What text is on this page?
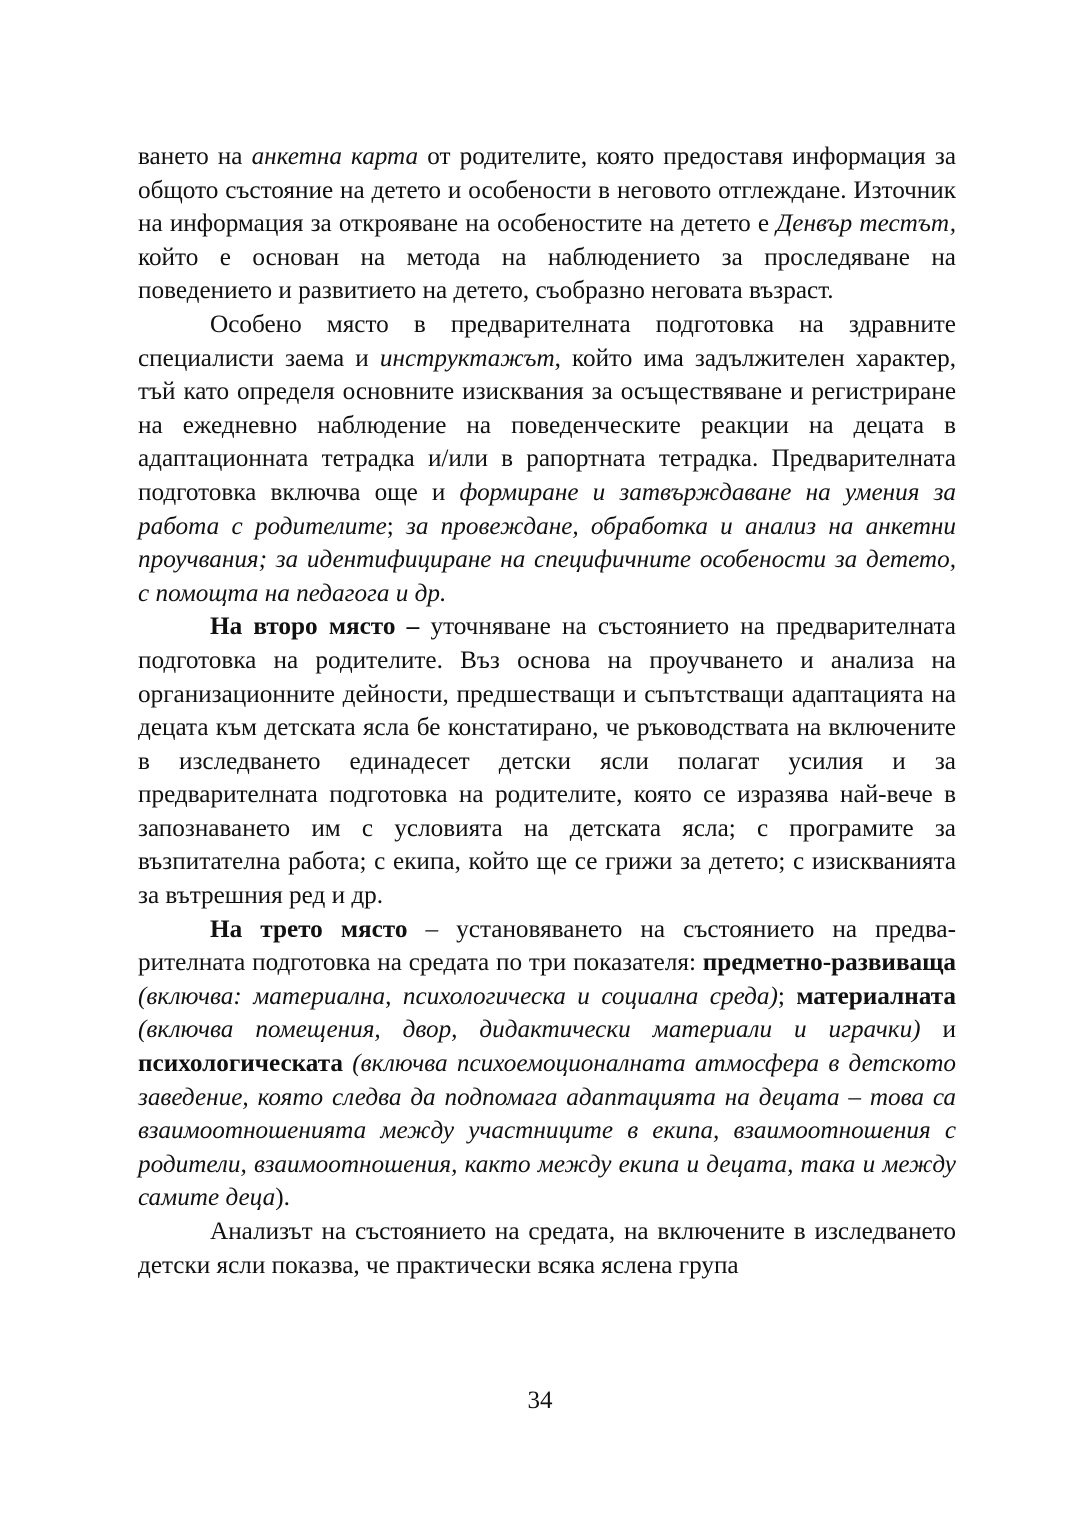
ването на анкетна карта от родителите, която предоставя информация за общото състояние на детето и особености в неговото отглеждане. Източник на информация за открояване на особеностите на детето е Денвър тестът, който е основан на метода на наблюдението за проследяване на поведението и развитието на детето, съобразно неговата възраст.

Особено място в предварителната подготовка на здравните специалисти заема и инструктажът, който има задължителен характер, тъй като определя основните изисквания за осъществяване и регистриране на ежедневно наблюдение на поведенческите реакции на децата в адаптационната тетрадка и/или в рапортната тетрадка. Предварителната подготовка включва още и формиране и затвърждаване на умения за работа с родителите; за провеждане, обработка и анализ на анкетни проучвания; за идентифициране на специфичните особености за детето, с помощта на педагога и др.

На второ място – уточняване на състоянието на предварителната подготовка на родителите. Въз основа на проучването и анализа на организационните дейности, предшестващи и съпътстващи адаптацията на децата към детската ясла бе констатирано, че ръководствата на включените в изследването единадесет детски ясли полагат усилия и за предварителната подготовка на родителите, която се изразява най-вече в запознаването им с условията на детската ясла; с програмите за възпитателна работа; с екипа, който ще се грижи за детето; с изискванията за вътрешния ред и др.

На трето място – установяването на състоянието на предварителната подготовка на средата по три показателя: предметно-развиваща (включва: материална, психологическа и социална среда); материалната (включва помещения, двор, дидактически материали и играчки) и психологическата (включва психоемоционалната атмосфера в детското заведение, която следва да подпомага адаптацията на децата – това са взаимоотношенията между участниците в екипа, взаимоотношения с родители, взаимоотношения, както между екипа и децата, така и между самите деца).

Анализът на състоянието на средата, на включените в изследването детски ясли показва, че практически всяка яслена група

34
